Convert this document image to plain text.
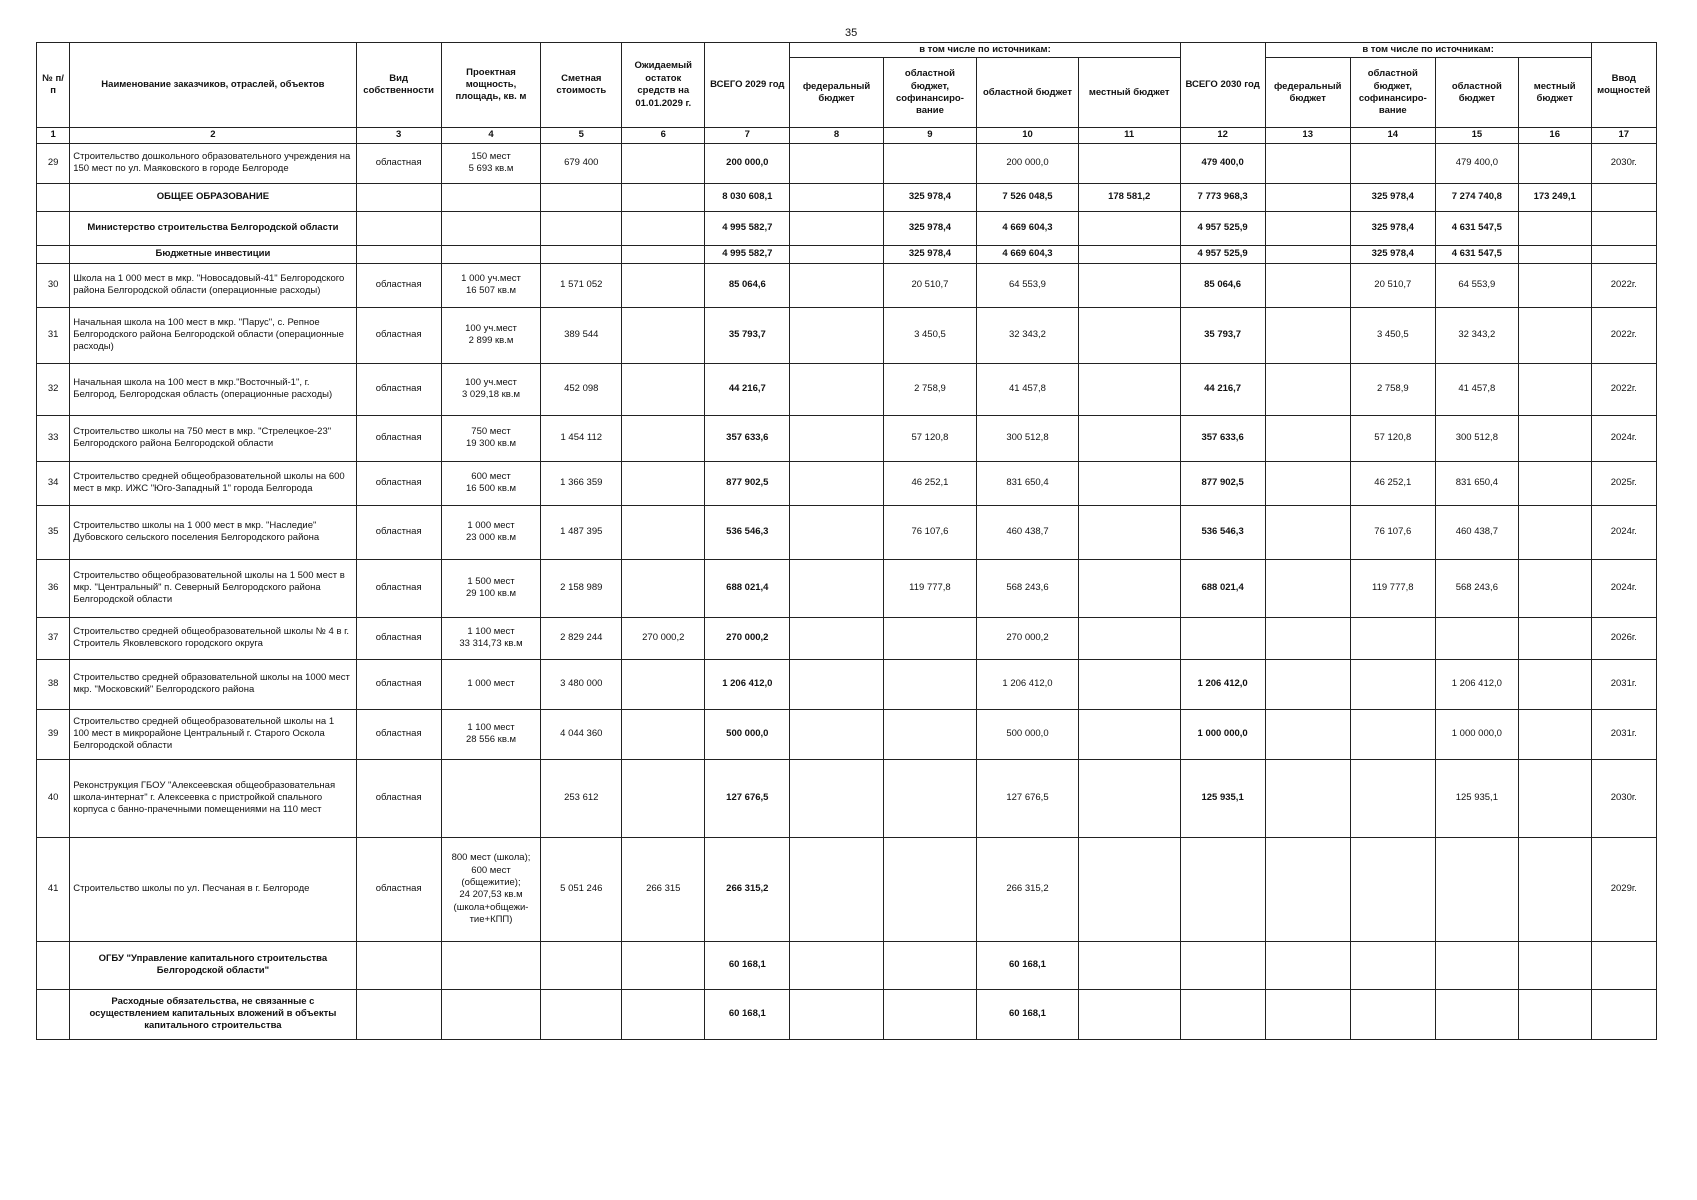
35
№ п/п	Наименование заказчиков, отраслей, объектов	Вид собственности	Проектная мощность, площадь, кв. м	Сметная стоимость	Ожидаемый остаток средств на 01.01.2029 г.	ВСЕГО 2029 год	в том числе по источникам:				ВСЕГО 2030 год	в том числе по источникам:				Ввод мощностей
							федеральный бюджет	областной бюджет, софинансиро-вание	областной бюджет	местный бюджет		федеральный бюджет	областной бюджет, софинансиро-вание	областной бюджет	местный бюджет	
1	2	3	4	5	6	7	8	9	10	11	12	13	14	15	16	17
29	Строительство дошкольного образовательного учреждения на 150 мест по ул. Маяковского в городе Белгороде	областная	150 мест
5 693 кв.м	679 400		200 000,0			200 000,0		479 400,0			479 400,0		2030г.
	ОБЩЕЕ ОБРАЗОВАНИЕ					8 030 608,1		325 978,4	7 526 048,5	178 581,2	7 773 968,3		325 978,4	7 274 740,8	173 249,1	
	Министерство строительства Белгородской области					4 995 582,7		325 978,4	4 669 604,3		4 957 525,9		325 978,4	4 631 547,5		
	Бюджетные инвестиции					4 995 582,7		325 978,4	4 669 604,3		4 957 525,9		325 978,4	4 631 547,5		
30	Школа на 1 000 мест в мкр. "Новосадовый-41" Белгородского района Белгородской области (операционные расходы)	областная	1 000 уч.мест
16 507 кв.м	1 571 052		85 064,6		20 510,7	64 553,9		85 064,6		20 510,7	64 553,9		2022г.
31	Начальная школа на 100 мест в мкр. "Парус", с. Репное Белгородского района Белгородской области (операционные расходы)	областная	100 уч.мест
2 899 кв.м	389 544		35 793,7		3 450,5	32 343,2		35 793,7		3 450,5	32 343,2		2022г.
32	Начальная школа на 100 мест в мкр."Восточный-1", г. Белгород, Белгородская область (операционные расходы)	областная	100 уч.мест
3 029,18 кв.м	452 098		44 216,7		2 758,9	41 457,8		44 216,7		2 758,9	41 457,8		2022г.
33	Строительство школы на 750 мест в мкр. "Стрелецкое-23" Белгородского района Белгородской области	областная	750 мест
19 300 кв.м	1 454 112		357 633,6		57 120,8	300 512,8		357 633,6		57 120,8	300 512,8		2024г.
34	Строительство средней общеобразовательной школы на 600 мест в мкр. ИЖС "Юго-Западный 1" города Белгорода	областная	600 мест
16 500 кв.м	1 366 359		877 902,5		46 252,1	831 650,4		877 902,5		46 252,1	831 650,4		2025г.
35	Строительство школы на 1 000 мест в мкр. "Наследие" Дубовского сельского поселения Белгородского района	областная	1 000 мест
23 000 кв.м	1 487 395		536 546,3		76 107,6	460 438,7		536 546,3		76 107,6	460 438,7		2024г.
36	Строительство общеобразовательной школы на 1 500 мест в мкр. "Центральный" п. Северный Белгородского района Белгородской области	областная	1 500 мест
29 100 кв.м	2 158 989		688 021,4		119 777,8	568 243,6		688 021,4		119 777,8	568 243,6		2024г.
37	Строительство средней общеобразовательной школы № 4 в г. Строитель Яковлевского городского округа	областная	1 100 мест
33 314,73 кв.м	2 829 244	270 000,2	270 000,2			270 000,2							2026г.
38	Строительство средней образовательной школы на 1000 мест мкр. "Московский" Белгородского района	областная	1 000 мест	3 480 000		1 206 412,0			1 206 412,0		1 206 412,0			1 206 412,0		2031г.
39	Строительство средней общеобразовательной школы на 1 100 мест в микрорайоне Центральный г. Старого Оскола Белгородской области	областная	1 100 мест
28 556 кв.м	4 044 360		500 000,0			500 000,0		1 000 000,0			1 000 000,0		2031г.
40	Реконструкция ГБОУ "Алексеевская общеобразовательная школа-интернат" г. Алексеевка с пристройкой спального корпуса с банно-прачечными помещениями на 110 мест	областная		253 612		127 676,5			127 676,5		125 935,1			125 935,1		2030г.
41	Строительство школы по ул. Песчаная в г. Белгороде	областная	800 мест (школа);
600 мест (общежитие);
24 207,53 кв.м
(школа+общежи-тие+КПП)	5 051 246	266 315	266 315,2			266 315,2							2029г.
	ОГБУ "Управление капитального строительства Белгородской области"					60 168,1			60 168,1							
	Расходные обязательства, не связанные с осуществлением капитальных вложений в объекты капитального строительства					60 168,1			60 168,1							
